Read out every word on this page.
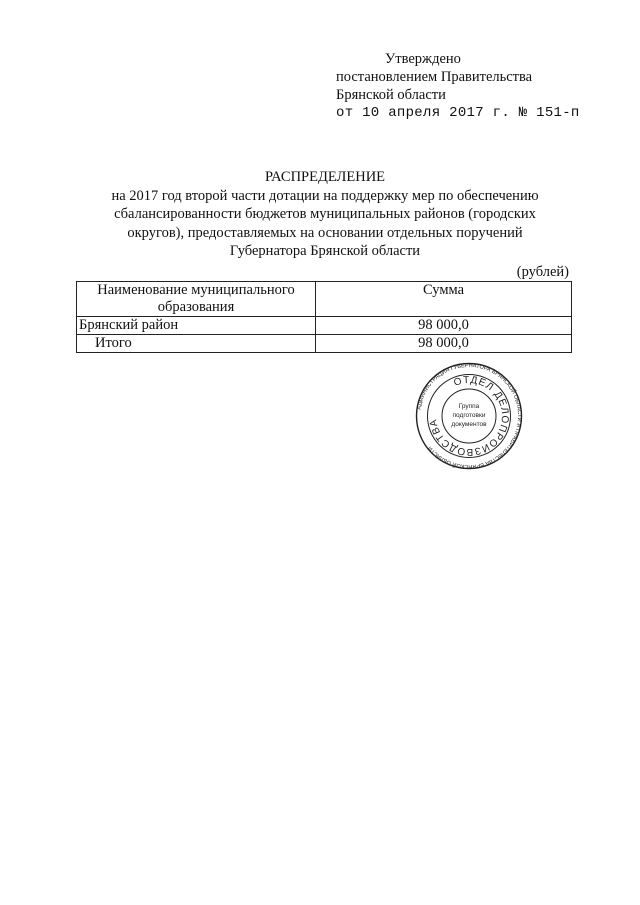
Утверждено
постановлением Правительства
Брянской области
от 10 апреля 2017 г. № 151-п
РАСПРЕДЕЛЕНИЕ
на 2017 год второй части дотации на поддержку мер по обеспечению
сбалансированности бюджетов муниципальных районов (городских
округов), предоставляемых на основании отдельных поручений
Губернатора Брянской области
(рублей)
Наименование муниципального образования	Сумма
Брянский район	98 000,0
Итого	98 000,0
АДМИНИСТРАЦИЯ ГУБЕРНАТОРА БРЯНСКОЙ ОБЛАСТИ И ПРАВИТЕЛЬСТВА БРЯНСКОЙ ОБЛАСТИ
ОТДЕЛ ДЕЛОПРОИЗВОДСТВА
Группа
подготовки
документов
